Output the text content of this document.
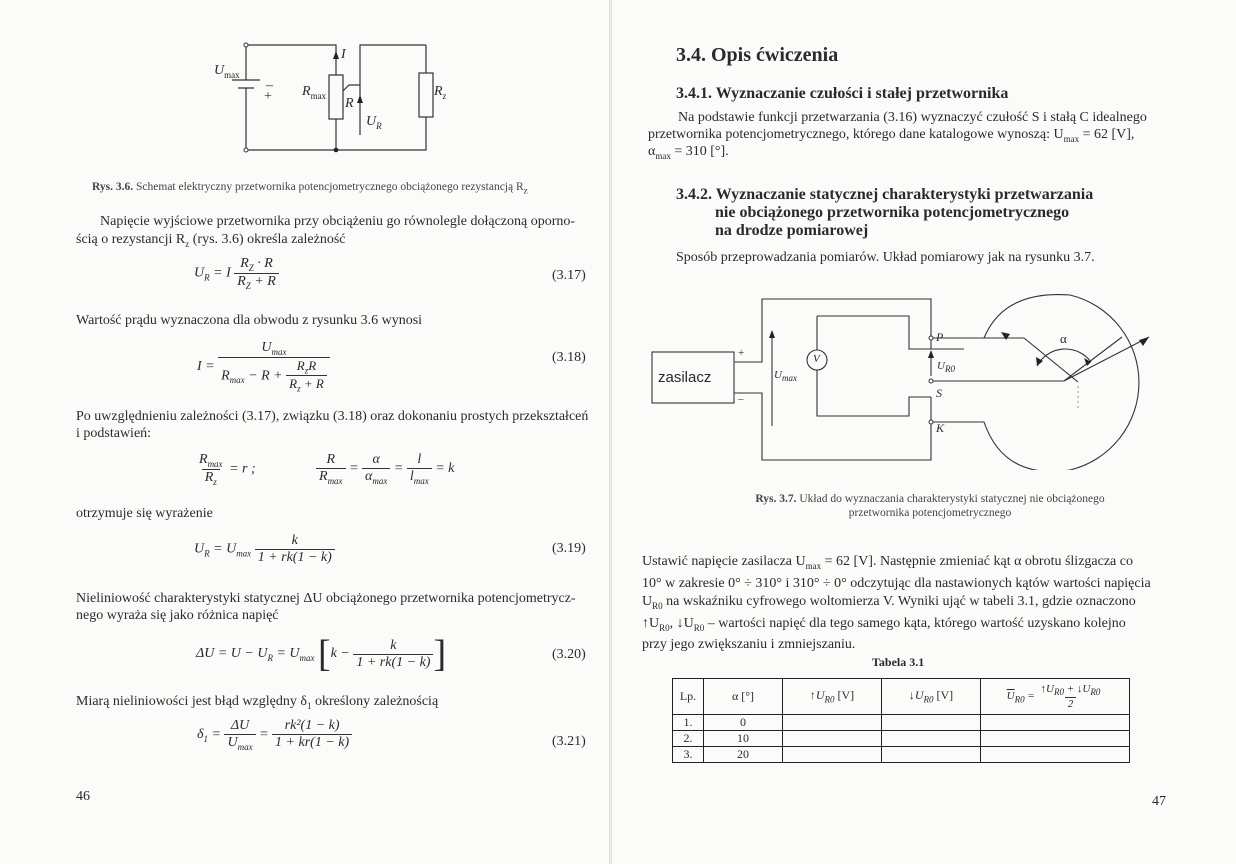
$U_{max}$
–
+ $R_{max}$
I
R
$U_R$
$R_z$
Rys. 3.6. Schemat elektryczny przetwornika potencjometrycznego obciążonego rezystancją $R_z$
Napięcie wyjściowe przetwornika przy obciążeniu go równolegle dołączoną oporno-
ścią o rezystancji $R_z$ (rys. 3.6) określa zależność
$U_R = I \frac{R_Z \cdot R}{R_Z + R}$	(3.17)
Wartość prądu wyznaczona dla obwodu z rysunku 3.6 wynosi
$I = \frac{U_{max}}{R_{max} - R + \frac{R_zR}{R_z + R}}$	(3.18)
Po uwzględnieniu zależności (3.17), związku (3.18) oraz dokonaniu prostych przekształceń
i podstawień:
$\frac{R_{max}}{R_z} = r$ ;	$\frac{R}{R_{max}} = \frac{\alpha}{\alpha_{max}} = \frac{l}{l_{max}} = k$
otrzymuje się wyrażenie
$U_R = U_{max} \frac{k}{1 + rk(1 - k)}$	(3.19)
Nieliniowość charakterystyki statycznej ΔU obciążonego przetwornika potencjometrycz-
nego wyraża się jako różnica napięć
$\Delta U = U - U_R = U_{max}$ [$k - \frac{k}{1 + rk(1 - k)}$ ]	(3.20)
Miarą nieliniowości jest błąd względny $\delta_1$ określony zależnością
$\delta_1 = \frac{\Delta U}{U_{max}} = \frac{\text{rk²(1 − k)}}{1 + kr(1 - k)}$	(3.21)
46
3.4. Opis ćwiczenia
3.4.1. Wyznaczanie czułości i stałej przetwornika
Na podstawie funkcji przetwarzania (3.16) wyznaczyć czułość S i stałą C idealnego
przetwornika potencjometrycznego, którego dane katalogowe wynoszą: $U_{max} = 62$ [V],
$\alpha_{max} = 310$ [°].
3.4.2. Wyznaczanie statycznej charakterystyki przetwarzania
nie obciążonego przetwornika potencjometrycznego
na drodze pomiarowej
Sposób przeprowadzania pomiarów. Układ pomiarowy jak na rysunku 3.7.
zasilacz
+
–
$U_{max}$
V
P
$U_{R0}$
S
K
α
Rys. 3.7. Układ do wyznaczania charakterystyki statycznej nie obciążonego
przetwornika potencjometrycznego
Ustawić napięcie zasilacza $U_{max} = 62$ [V]. Następnie zmieniać kąt α obrotu ślizgacza co
10° w zakresie 0° ÷ 310° i 310° ÷ 0° odczytując dla nastawionych kątów wartości napięcia
$U_{R0}$ na wskaźniku cyfrowego woltomierza V. Wyniki ująć w tabeli 3.1, gdzie oznaczono
$↑U_{R0}$, $↓U_{R0}$ – wartości napięć dla tego samego kąta, którego wartość uzyskano kolejno
przy jego zwiększaniu i zmniejszaniu.
Tabela 3.1
Lp.	α [°]	$↑U_{R0}$ [V]	$↓U_{R0}$ [V]	$\overline{U}_{R0} = \frac{↑U_{R0} + ↓U_{R0}}{2}$

1.	0			
2.	10			
3.	20			
47
